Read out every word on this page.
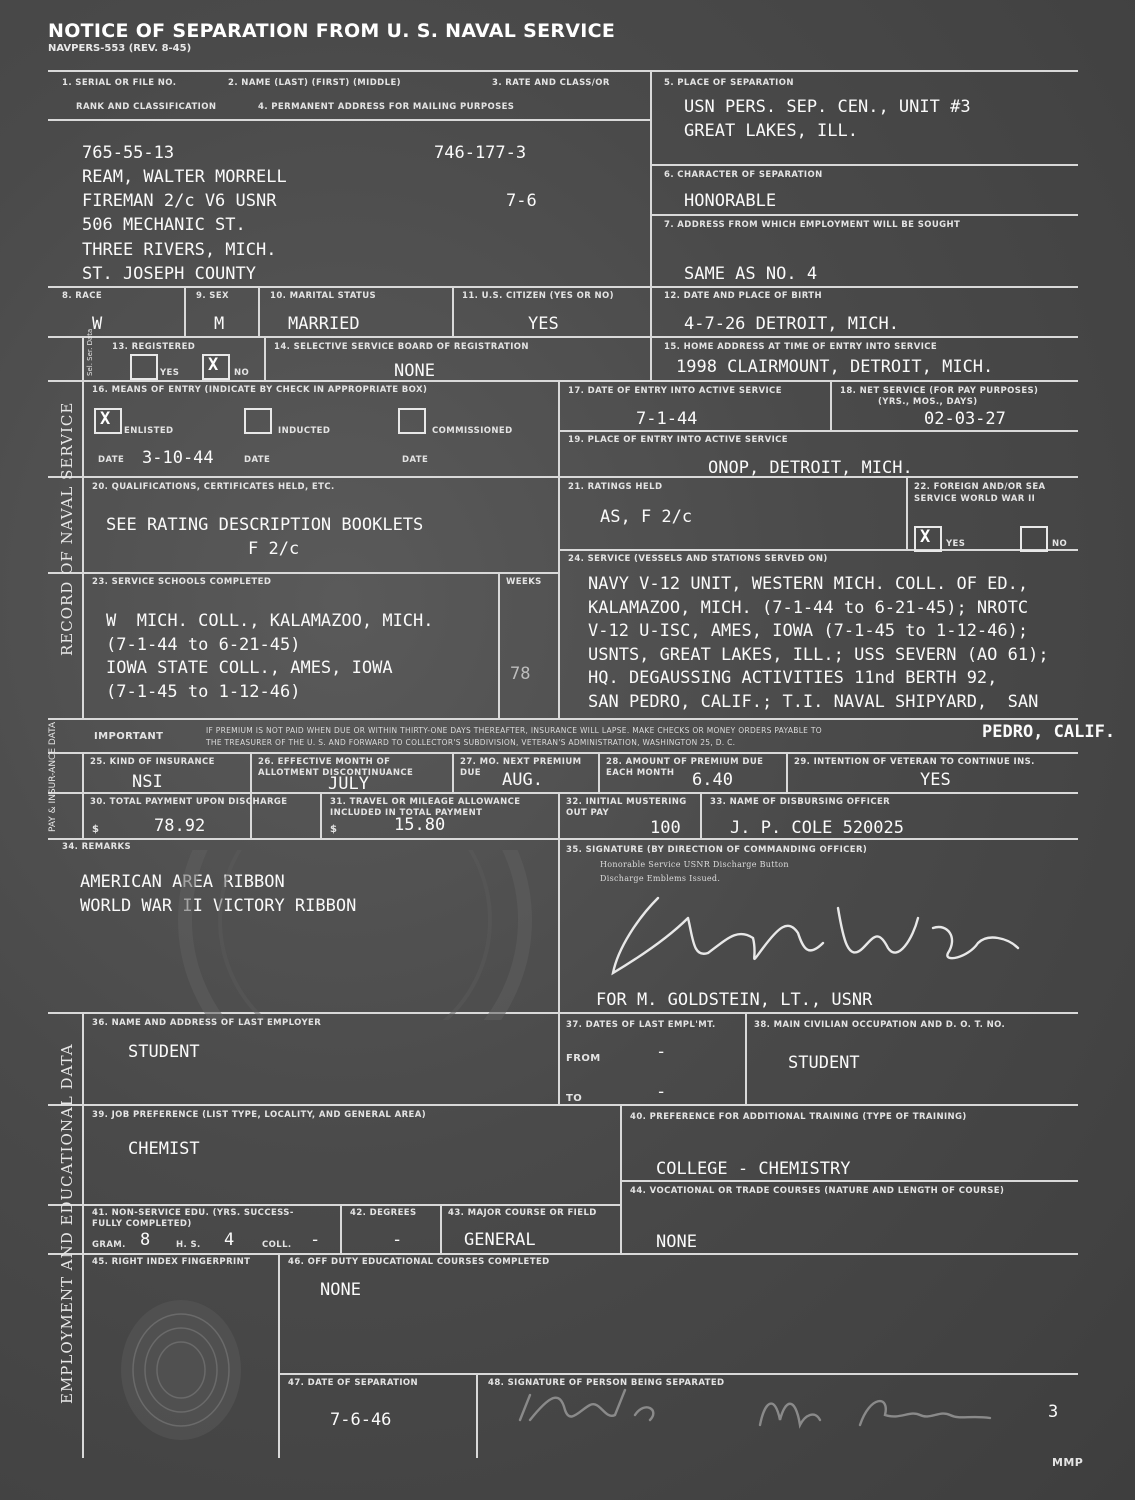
NOTICE OF SEPARATION FROM U. S. NAVAL SERVICE
NAVPERS-553 (REV. 8-45)
RECORD OF NAVAL SERVICE
PAY & INSUR-ANCE DATA
EMPLOYMENT AND EDUCATIONAL DATA
1. SERIAL OR FILE NO.	2. NAME (LAST) (FIRST) (MIDDLE)	3. RATE AND CLASS/OR
RANK AND CLASSIFICATION	4. PERMANENT ADDRESS FOR MAILING PURPOSES
5. PLACE OF SEPARATION
6. CHARACTER OF SEPARATION
7. ADDRESS FROM WHICH EMPLOYMENT WILL BE SOUGHT
765-55-13	746-177-3
REAM, WALTER MORRELL
FIREMAN 2/c V6 USNR	7-6
506 MECHANIC ST.
THREE RIVERS, MICH.
ST. JOSEPH COUNTY
USN PERS. SEP. CEN., UNIT #3
GREAT LAKES, ILL.
HONORABLE
SAME AS NO. 4
8. RACE	9. SEX	10. MARITAL STATUS	11. U.S. CITIZEN (YES OR NO)	12. DATE AND PLACE OF BIRTH
W	M	MARRIED	YES	4-7-26 DETROIT, MICH.
Sel. Ser. Data 13. REGISTERED
YES X NO
14. SELECTIVE SERVICE BOARD OF REGISTRATION
NONE
15. HOME ADDRESS AT TIME OF ENTRY INTO SERVICE
1998 CLAIRMOUNT, DETROIT, MICH.
16. MEANS OF ENTRY (INDICATE BY CHECK IN APPROPRIATE BOX)
X
ENLISTED	INDUCTED	COMMISSIONED
DATE 3-10-44	DATE	DATE
17. DATE OF ENTRY INTO ACTIVE SERVICE
7-1-44
18. NET SERVICE (FOR PAY PURPOSES)
(YRS., MOS., DAYS)
02-03-27
19. PLACE OF ENTRY INTO ACTIVE SERVICE
ONOP, DETROIT, MICH.
20. QUALIFICATIONS, CERTIFICATES HELD, ETC.
SEE RATING DESCRIPTION BOOKLETS
F 2/c
21. RATINGS HELD
AS, F 2/c
22. FOREIGN AND/OR SEA
SERVICE WORLD WAR II
X YES	NO
23. SERVICE SCHOOLS COMPLETED	WEEKS
W  MICH. COLL., KALAMAZOO, MICH.
(7-1-44 to 6-21-45)
IOWA STATE COLL., AMES, IOWA
(7-1-45 to 1-12-46)
78
24. SERVICE (VESSELS AND STATIONS SERVED ON)
NAVY V-12 UNIT, WESTERN MICH. COLL. OF ED.,
KALAMAZOO, MICH. (7-1-44 to 6-21-45); NROTC
V-12 U-ISC, AMES, IOWA (7-1-45 to 1-12-46);
USNTS, GREAT LAKES, ILL.; USS SEVERN (AO 61);
HQ. DEGAUSSING ACTIVITIES 11nd BERTH 92,
SAN PEDRO, CALIF.; T.I. NAVAL SHIPYARD,  SAN
IMPORTANT
IF PREMIUM IS NOT PAID WHEN DUE OR WITHIN THIRTY-ONE DAYS THEREAFTER, INSURANCE WILL LAPSE. MAKE CHECKS OR MONEY ORDERS PAYABLE TO
THE TREASURER OF THE U. S. AND FORWARD TO COLLECTOR'S SUBDIVISION, VETERAN'S ADMINISTRATION, WASHINGTON 25, D. C.
PEDRO, CALIF.
25. KIND OF INSURANCE
NSI
26. EFFECTIVE MONTH OF
ALLOTMENT DISCONTINUANCE
JULY
27. MO. NEXT PREMIUM
DUE AUG.
28. AMOUNT OF PREMIUM DUE
EACH MONTH 6.40
29. INTENTION OF VETERAN TO CONTINUE INS.
YES
30. TOTAL PAYMENT UPON DISCHARGE
$	78.92
31. TRAVEL OR MILEAGE ALLOWANCE
INCLUDED IN TOTAL PAYMENT
$	15.80
32. INITIAL MUSTERING
OUT PAY
100
33. NAME OF DISBURSING OFFICER
J. P. COLE 520025
34. REMARKS
AMERICAN AREA RIBBON
WORLD WAR II VICTORY RIBBON
35. SIGNATURE (BY DIRECTION OF COMMANDING OFFICER)
Honorable Service USNR Discharge Button
Discharge Emblems Issued.
FOR M. GOLDSTEIN, LT., USNR
36. NAME AND ADDRESS OF LAST EMPLOYER
STUDENT
37. DATES OF LAST EMPL'MT.
FROM	-
TO	-
38. MAIN CIVILIAN OCCUPATION AND D. O. T. NO.
STUDENT
39. JOB PREFERENCE (LIST TYPE, LOCALITY, AND GENERAL AREA)
CHEMIST
40. PREFERENCE FOR ADDITIONAL TRAINING (TYPE OF TRAINING)
COLLEGE - CHEMISTRY
44. VOCATIONAL OR TRADE COURSES (NATURE AND LENGTH OF COURSE)
NONE
41. NON-SERVICE EDU. (YRS. SUCCESS-
FULLY COMPLETED)
GRAM. 8	H. S. 4	COLL. -
42. DEGREES
-
43. MAJOR COURSE OR FIELD
GENERAL
45. RIGHT INDEX FINGERPRINT	46. OFF DUTY EDUCATIONAL COURSES COMPLETED
NONE
47. DATE OF SEPARATION
7-6-46
48. SIGNATURE OF PERSON BEING SEPARATED
3
MMP
